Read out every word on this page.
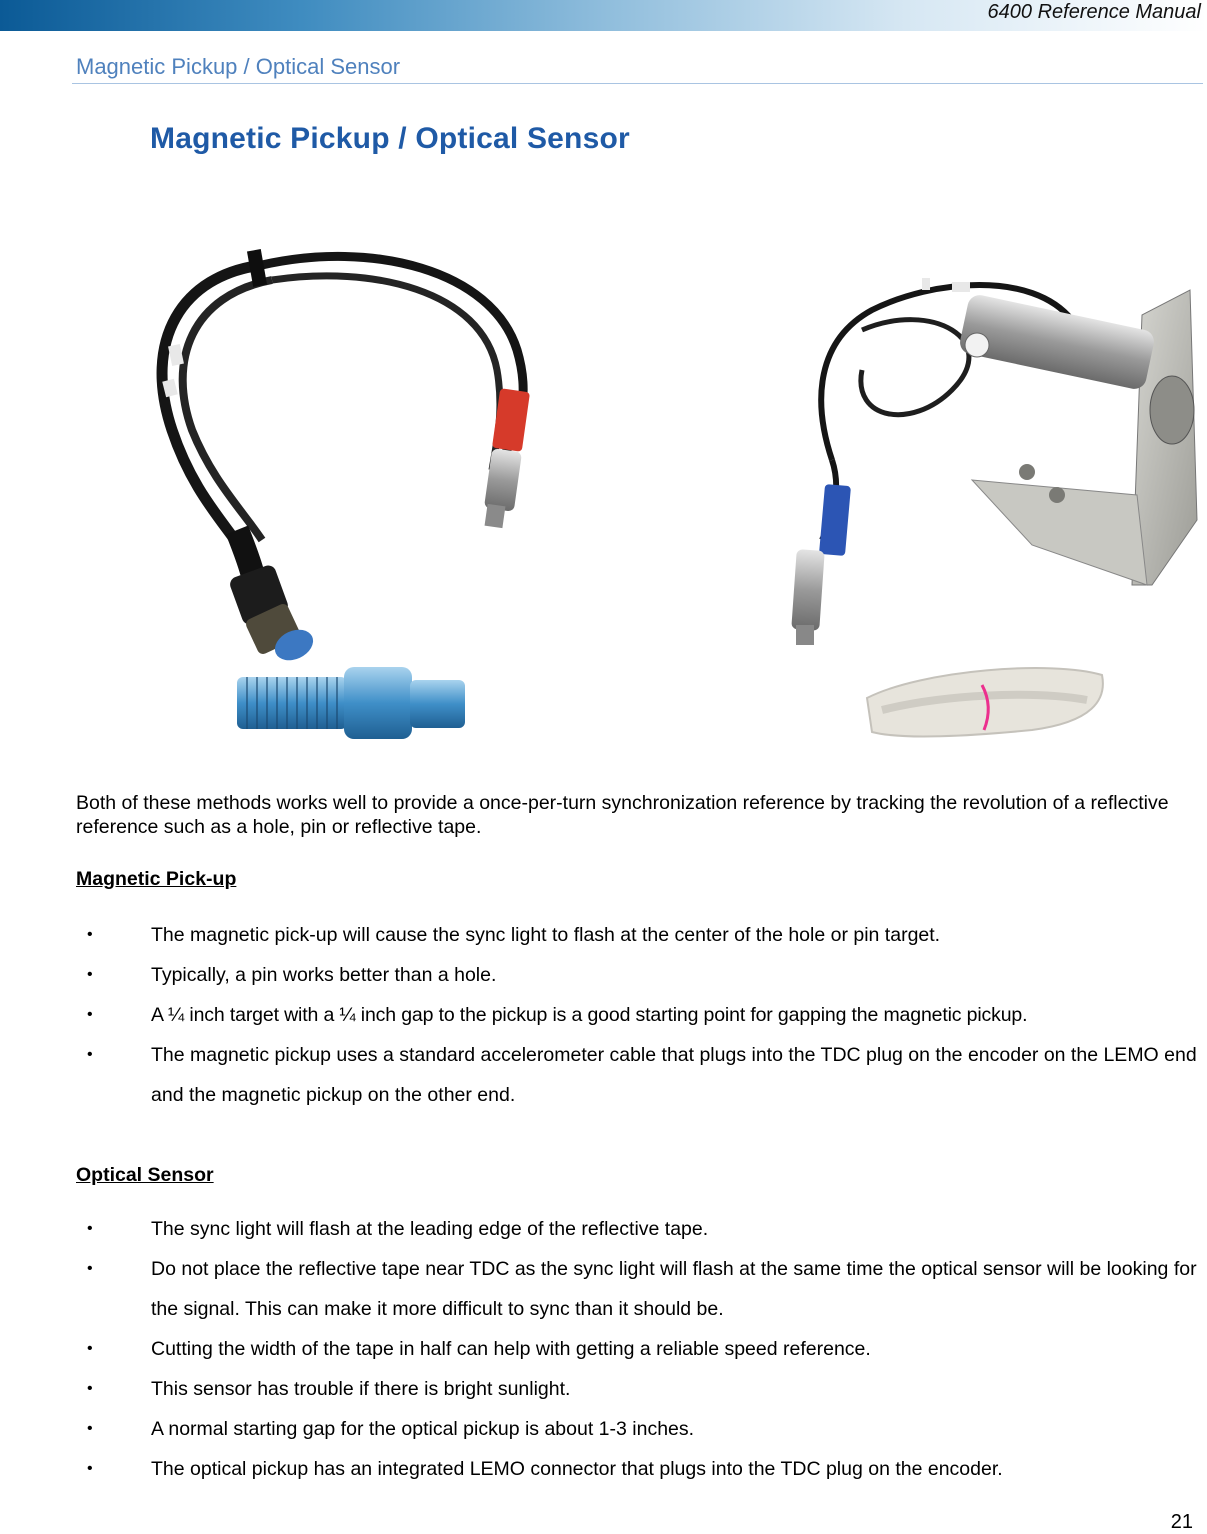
6400 Reference Manual
Magnetic Pickup / Optical Sensor
Magnetic Pickup / Optical Sensor
Both of these methods works well to provide a once-per-turn synchronization reference by tracking the revolution of a reflective reference such as a hole, pin or reflective tape.
Magnetic Pick-up
•	The magnetic pick-up will cause the sync light to flash at the center of the hole or pin target.
•	Typically, a pin works better than a hole.
•	A ¼ inch target with a ¼ inch gap to the pickup is a good starting point for gapping the magnetic pickup.
•	The magnetic pickup uses a standard accelerometer cable that plugs into the TDC plug on the encoder on the LEMO end and the magnetic pickup on the other end.
Optical Sensor
•	The sync light will flash at the leading edge of the reflective tape.
•	Do not place the reflective tape near TDC as the sync light will flash at the same time the optical sensor will be looking for the signal. This can make it more difficult to sync than it should be.
•	Cutting the width of the tape in half can help with getting a reliable speed reference.
•	This sensor has trouble if there is bright sunlight.
•	A normal starting gap for the optical pickup is about 1-3 inches.
•	The optical pickup has an integrated LEMO connector that plugs into the TDC plug on the encoder.
21
